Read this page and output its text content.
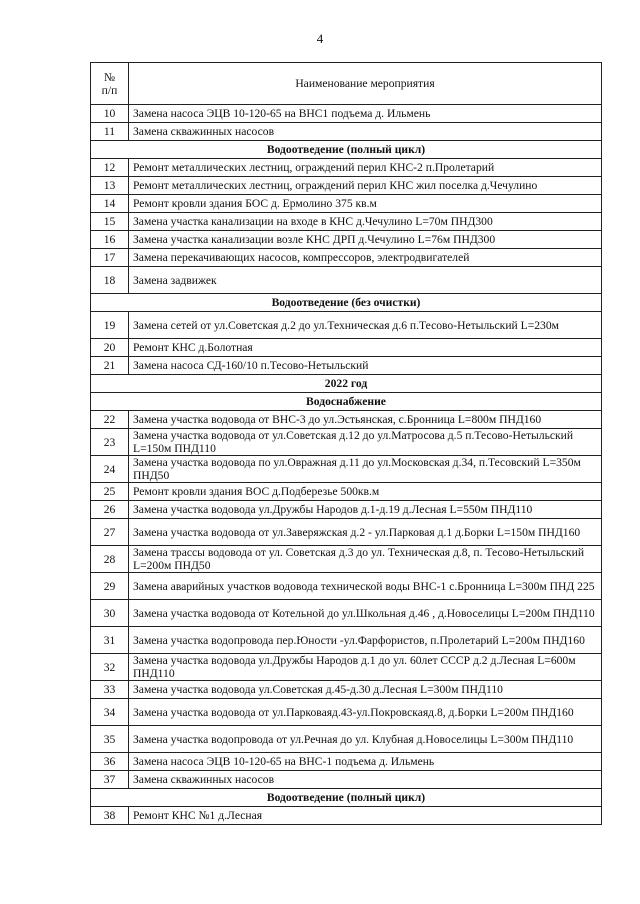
4
№
п/п	Наименование мероприятия
10	Замена насоса ЭЦВ 10-120-65 на ВНС1 подъема д. Ильмень
11	Замена скважинных насосов
Водоотведение (полный цикл)	
12	Ремонт металлических лестниц, ограждений перил КНС-2 п.Пролетарий
13	Ремонт металлических лестниц, ограждений перил КНС жил поселка д.Чечулино
14	Ремонт кровли здания БОС д. Ермолино 375 кв.м
15	Замена участка канализации на входе в КНС д.Чечулино L=70м ПНД300
16	Замена участка канализации возле КНС ДРП д.Чечулино L=76м ПНД300
17	Замена перекачивающих насосов, компрессоров, электродвигателей
18	Замена задвижек
Водоотведение (без очистки)	
19	Замена сетей от ул.Советская д.2 до ул.Техническая д.6 п.Тесово-Нетыльский L=230м
20	Ремонт КНС д.Болотная
21	Замена насоса СД-160/10 п.Тесово-Нетыльский
2022 год	
Водоснабжение	
22	Замена участка водовода от ВНС-3 до ул.Эстьянская, с.Бронница L=800м ПНД160
23	Замена участка водовода от ул.Советская д.12 до ул.Матросова д.5 п.Тесово-Нетыльский L=150м ПНД110
24	Замена участка водовода по ул.Овражная д.11 до ул.Московская д.34, п.Тесовский L=350м ПНД50
25	Ремонт кровли здания ВОС д.Подберезье 500кв.м
26	Замена участка водовода ул.Дружбы Народов д.1-д.19 д.Лесная L=550м ПНД110
27	Замена участка водовода от ул.Заверяжская д.2 - ул.Парковая д.1 д.Борки L=150м ПНД160
28	Замена трассы водовода от ул. Советская д.3 до ул. Техническая д.8, п. Тесово-Нетыльский L=200м ПНД50
29	Замена аварийных участков водовода технической воды ВНС-1 с.Бронница L=300м ПНД 225
30	Замена участка водовода от Котельной до ул.Школьная д.46 , д.Новоселицы L=200м ПНД110
31	Замена участка водопровода пер.Юности -ул.Фарфористов, п.Пролетарий L=200м ПНД160
32	Замена участка водовода ул.Дружбы Народов д.1 до ул. 60лет СССР д.2 д.Лесная L=600м ПНД110
33	Замена участка водовода ул.Советская д.45-д.30 д.Лесная L=300м ПНД110
34	Замена участка водовода от ул.Парковаяд.43-ул.Покровскаяд.8, д.Борки L=200м ПНД160
35	Замена участка водопровода от ул.Речная до ул. Клубная д.Новоселицы L=300м ПНД110
36	Замена насоса ЭЦВ 10-120-65 на ВНС-1 подъема д. Ильмень
37	Замена скважинных насосов
Водоотведение (полный цикл)	
38	Ремонт КНС №1 д.Лесная
